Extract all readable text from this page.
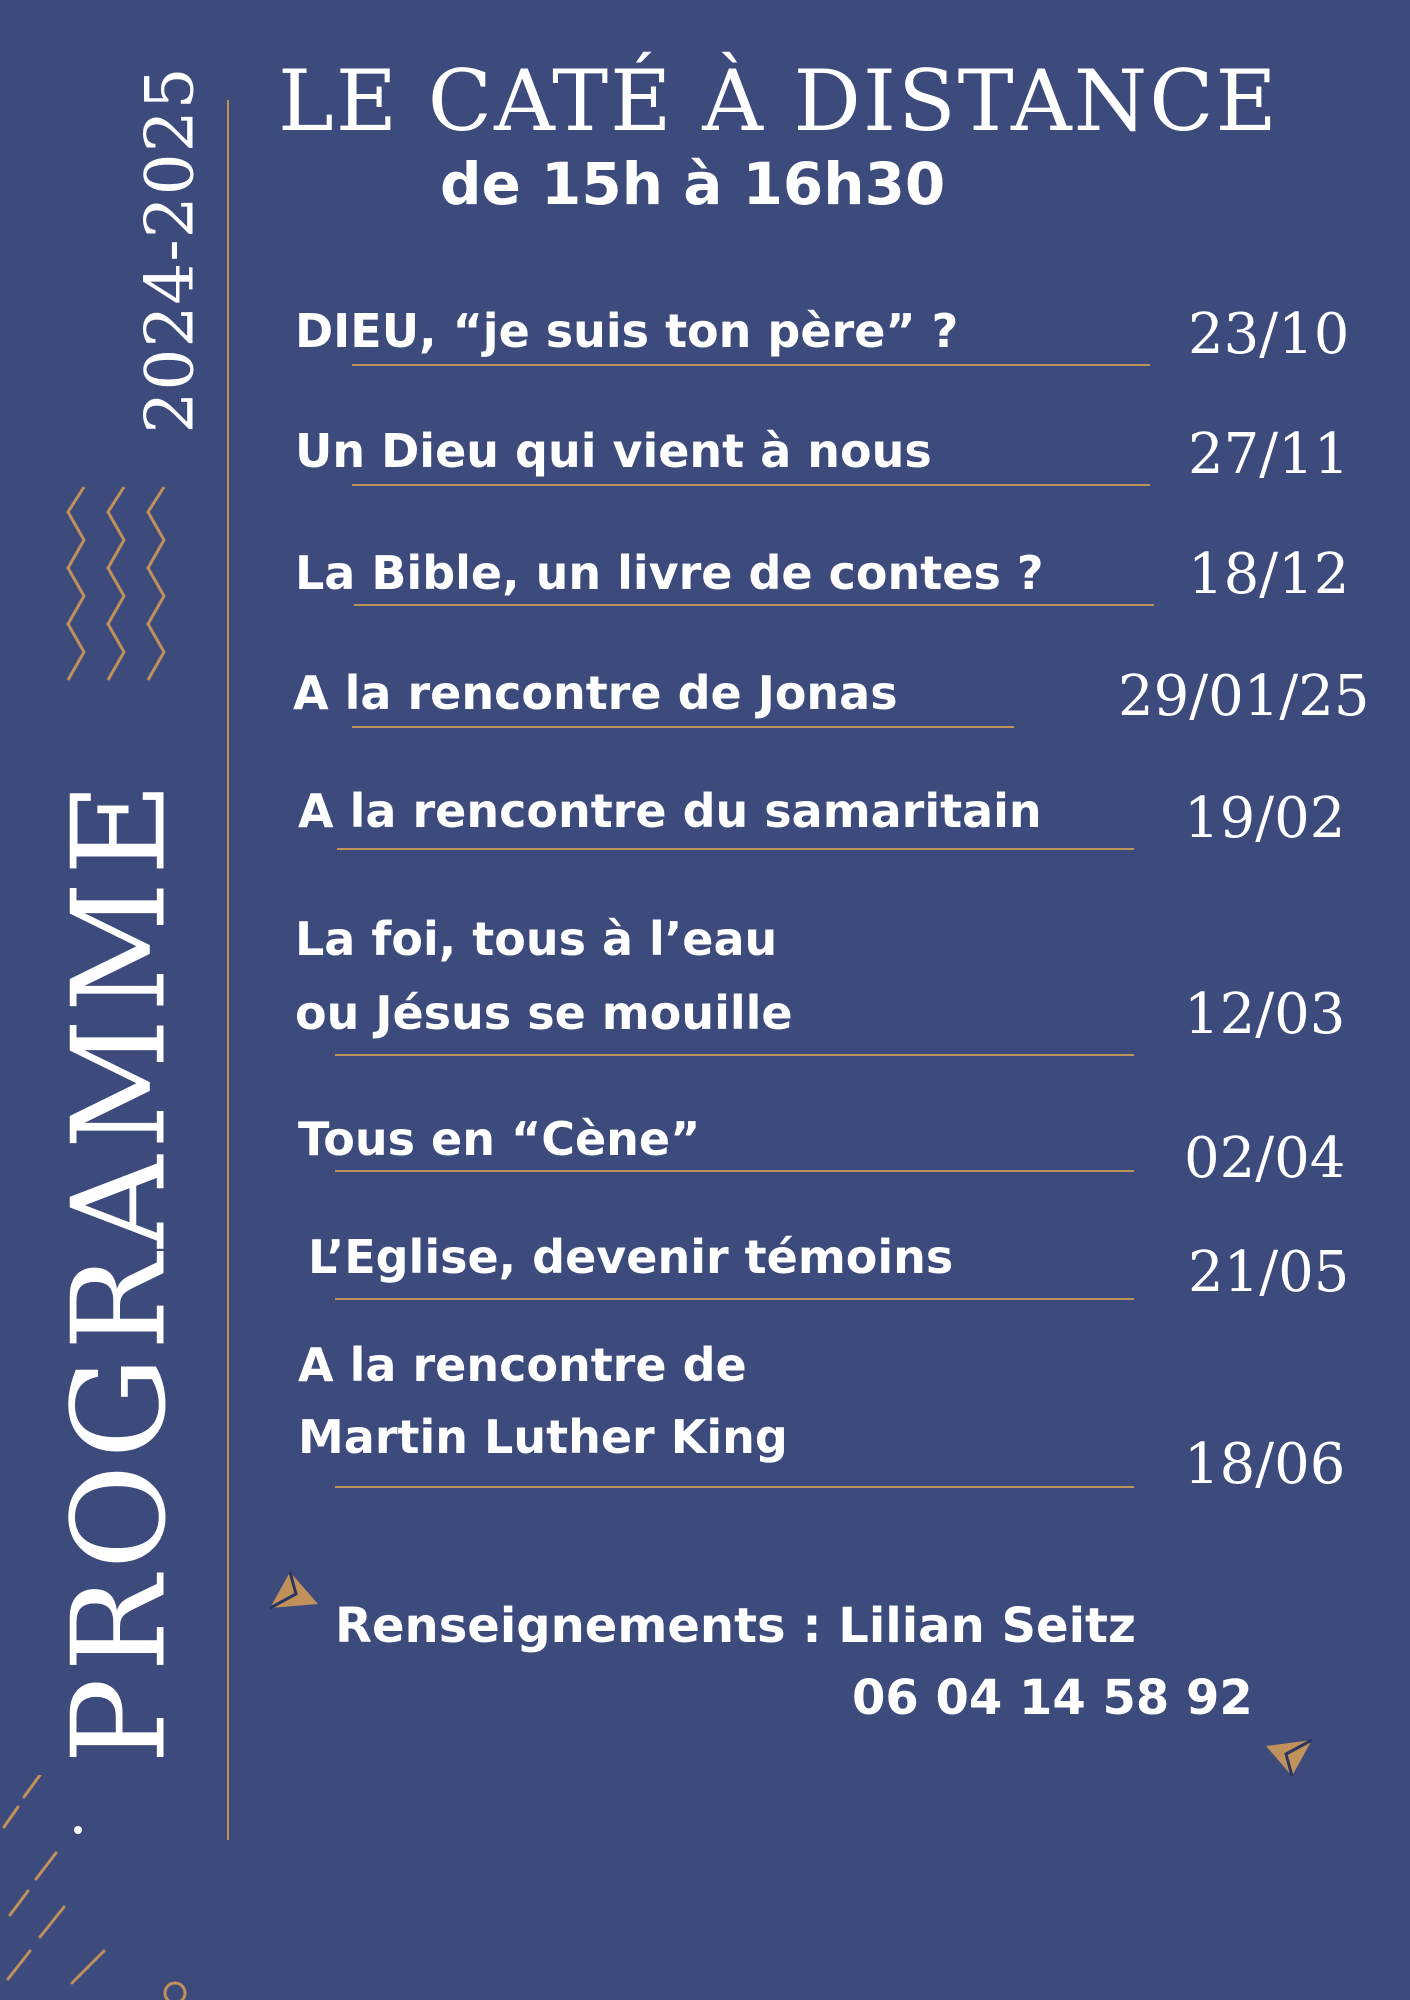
2024-2025
PROGRAMME
LE CATÉ À DISTANCE
de 15h à 16h30
DIEU, “je suis ton père” ?	23/10
Un Dieu qui vient à nous	27/11
La Bible, un livre de contes ?	18/12
A la rencontre de Jonas	29/01/25
A la rencontre du samaritain	19/02
La foi, tous à l’eau
ou Jésus se mouille	12/03
Tous en “Cène”	02/04
L’Eglise, devenir témoins	21/05
A la rencontre de
Martin Luther King	18/06
Renseignements : Lilian Seitz
06 04 14 58 92
